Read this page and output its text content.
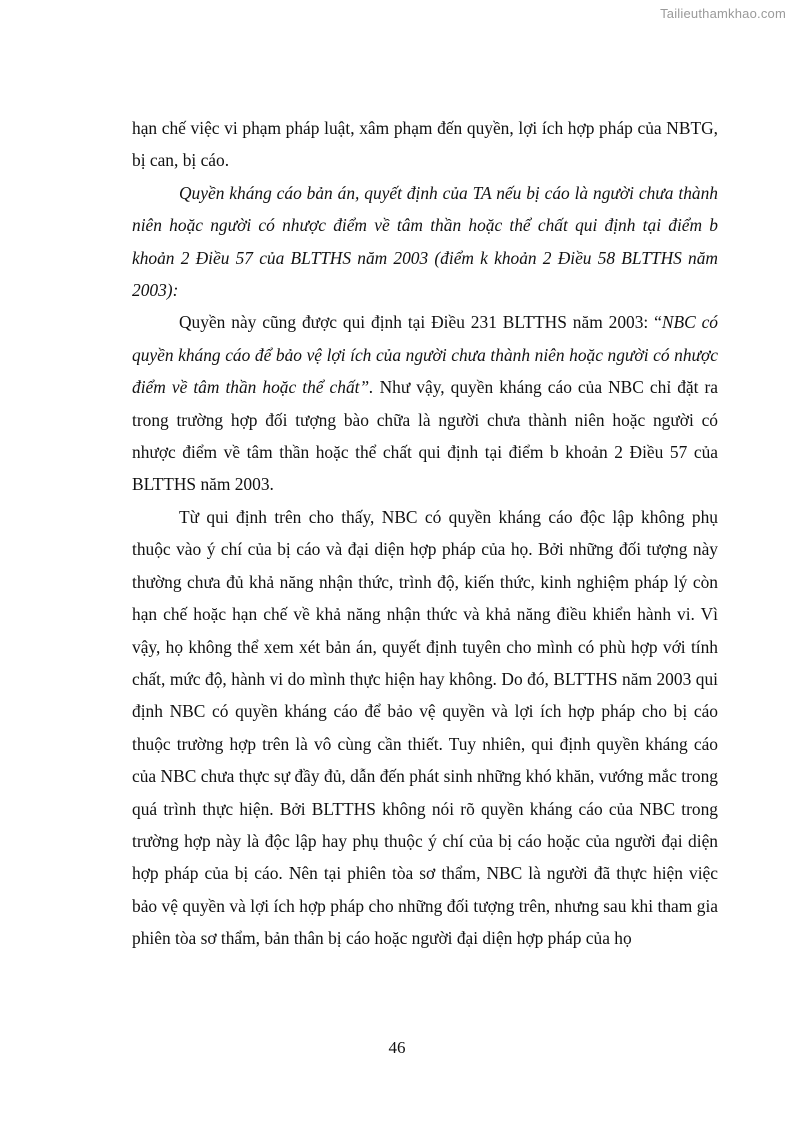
Tailieuthamkhao.com

hạn chế việc vi phạm pháp luật, xâm phạm đến quyền, lợi ích hợp pháp của NBTG, bị can, bị cáo.

Quyền kháng cáo bản án, quyết định của TA nếu bị cáo là người chưa thành niên hoặc người có nhược điểm về tâm thần hoặc thể chất qui định tại điểm b khoản 2 Điều 57 của BLTTHS năm 2003 (điểm k khoản 2 Điều 58 BLTTHS năm 2003):

Quyền này cũng được qui định tại Điều 231 BLTTHS năm 2003: “NBC có quyền kháng cáo để bảo vệ lợi ích của người chưa thành niên hoặc người có nhược điểm về tâm thần hoặc thể chất”. Như vậy, quyền kháng cáo của NBC chỉ đặt ra trong trường hợp đối tượng bào chữa là người chưa thành niên hoặc người có nhược điểm về tâm thần hoặc thể chất qui định tại điểm b khoản 2 Điều 57 của BLTTHS năm 2003.

Từ qui định trên cho thấy, NBC có quyền kháng cáo độc lập không phụ thuộc vào ý chí của bị cáo và đại diện hợp pháp của họ. Bởi những đối tượng này thường chưa đủ khả năng nhận thức, trình độ, kiến thức, kinh nghiệm pháp lý còn hạn chế hoặc hạn chế về khả năng nhận thức và khả năng điều khiển hành vi. Vì vậy, họ không thể xem xét bản án, quyết định tuyên cho mình có phù hợp với tính chất, mức độ, hành vi do mình thực hiện hay không. Do đó, BLTTHS năm 2003 qui định NBC có quyền kháng cáo để bảo vệ quyền và lợi ích hợp pháp cho bị cáo thuộc trường hợp trên là vô cùng cần thiết. Tuy nhiên, qui định quyền kháng cáo của NBC chưa thực sự đầy đủ, dẫn đến phát sinh những khó khăn, vướng mắc trong quá trình thực hiện. Bởi BLTTHS không nói rõ quyền kháng cáo của NBC trong trường hợp này là độc lập hay phụ thuộc ý chí của bị cáo hoặc của người đại diện hợp pháp của bị cáo. Nên tại phiên tòa sơ thẩm, NBC là người đã thực hiện việc bảo vệ quyền và lợi ích hợp pháp cho những đối tượng trên, nhưng sau khi tham gia phiên tòa sơ thẩm, bản thân bị cáo hoặc người đại diện hợp pháp của họ

46
